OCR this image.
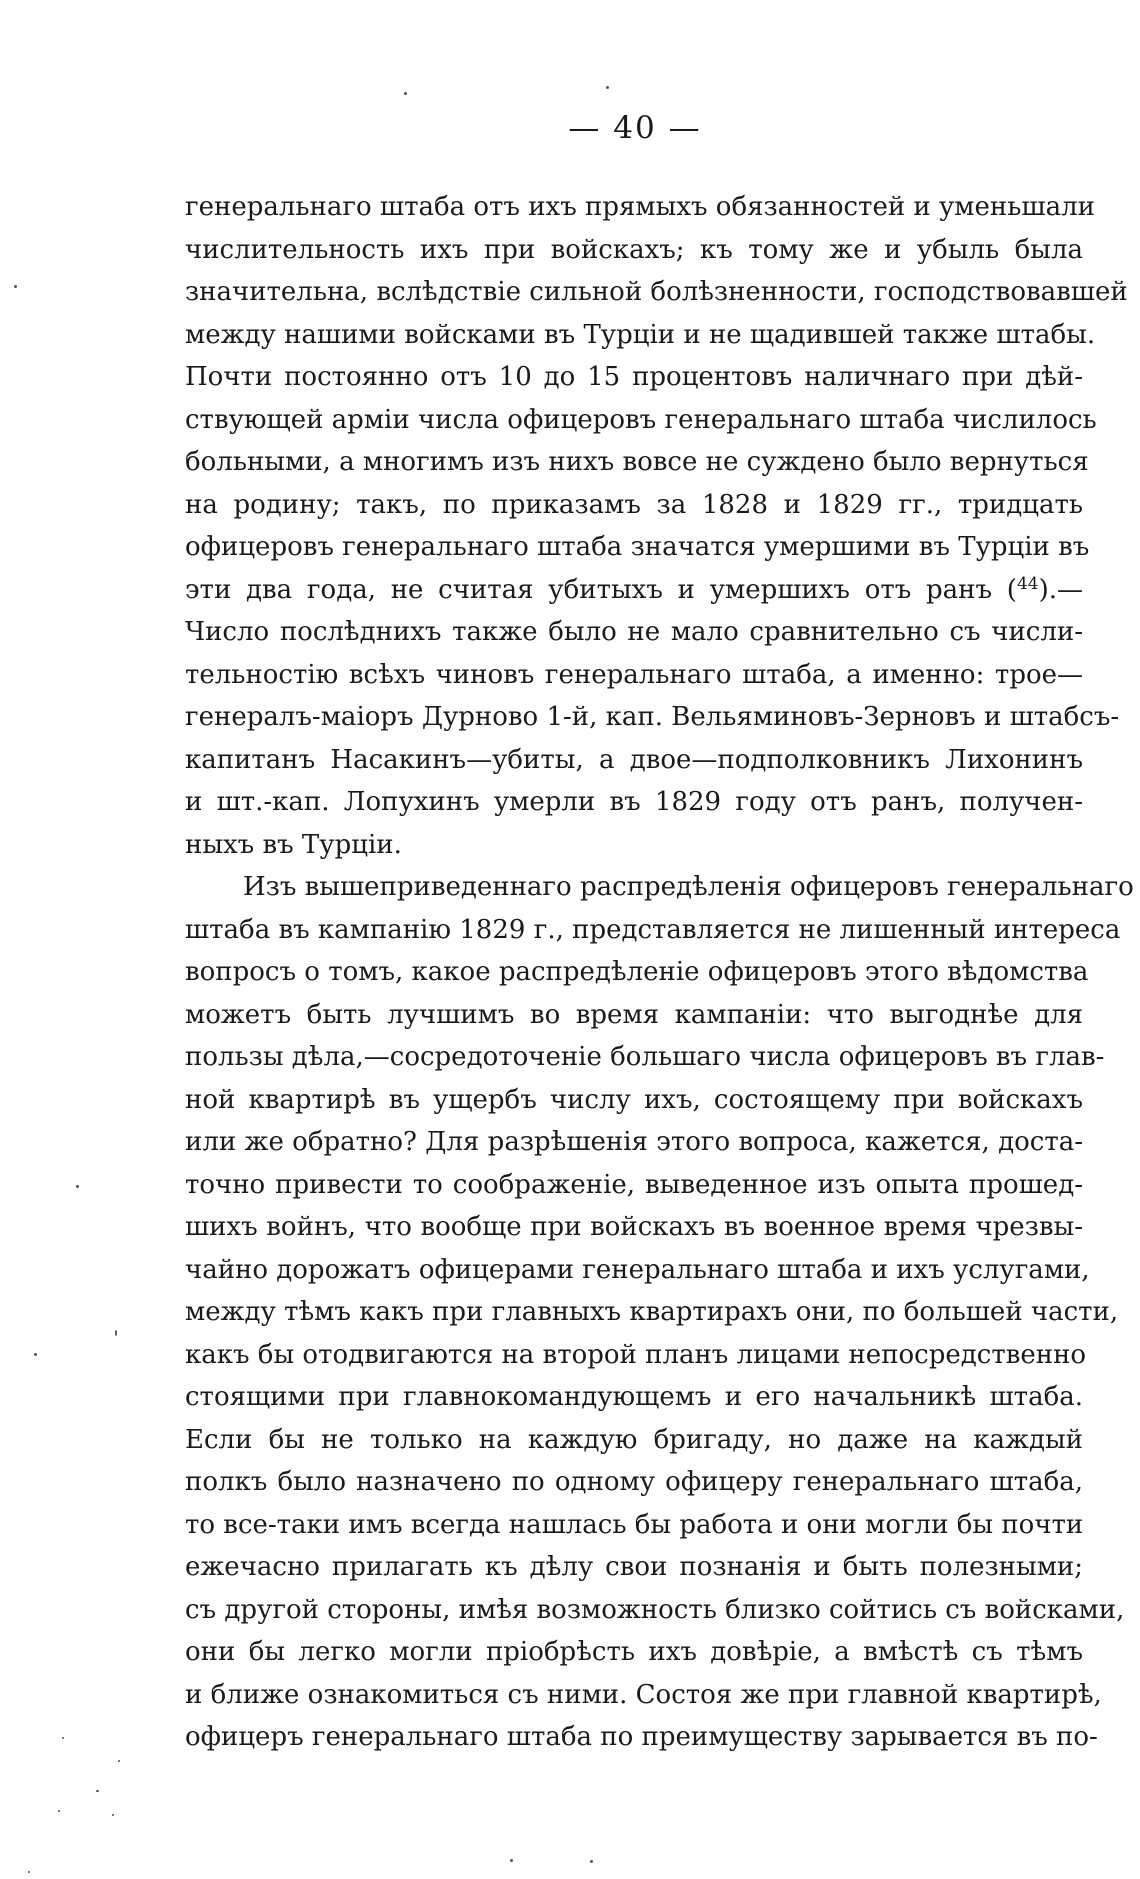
— 40 —
генеральнаго штаба отъ ихъ прямыхъ обязанностей и уменьшали
числительность ихъ при войскахъ; къ тому же и убыль была
значительна, вслѣдствіе сильной болѣзненности, господствовавшей
между нашими войсками въ Турціи и не щадившей также штабы.
Почти постоянно отъ 10 до 15 процентовъ наличнаго при дѣй-
ствующей арміи числа офицеровъ генеральнаго штаба числилось
больными, а многимъ изъ нихъ вовсе не суждено было вернуться
на родину; такъ, по приказамъ за 1828 и 1829 гг., тридцать
офицеровъ генеральнаго штаба значатся умершими въ Турціи въ
эти два года, не считая убитыхъ и умершихъ отъ ранъ ($^{44}$).—
Число послѣднихъ также было не мало сравнительно съ числи-
тельностію всѣхъ чиновъ генеральнаго штаба, а именно: трое—
генералъ-маіоръ Дурново 1-й, кап. Вельяминовъ-Зерновъ и штабсъ-
капитанъ Насакинъ—убиты, а двое—подполковникъ Лихонинъ
и шт.-кап. Лопухинъ умерли въ 1829 году отъ ранъ, получен-
ныхъ въ Турціи.
Изъ вышеприведеннаго распредѣленія офицеровъ генеральнаго
штаба въ кампанію 1829 г., представляется не лишенный интереса
вопросъ о томъ, какое распредѣленіе офицеровъ этого вѣдомства
можетъ быть лучшимъ во время кампаніи: что выгоднѣе для
пользы дѣла,—сосредоточеніе большаго числа офицеровъ въ глав-
ной квартирѣ въ ущербъ числу ихъ, состоящему при войскахъ
или же обратно? Для разрѣшенія этого вопроса, кажется, доста-
точно привести то соображеніе, выведенное изъ опыта прошед-
шихъ войнъ, что вообще при войскахъ въ военное время чрезвы-
чайно дорожатъ офицерами генеральнаго штаба и ихъ услугами,
между тѣмъ какъ при главныхъ квартирахъ они, по большей части,
какъ бы отодвигаются на второй планъ лицами непосредственно
стоящими при главнокомандующемъ и его начальникѣ штаба.
Если бы не только на каждую бригаду, но даже на каждый
полкъ было назначено по одному офицеру генеральнаго штаба,
то все-таки имъ всегда нашлась бы работа и они могли бы почти
ежечасно прилагать къ дѣлу свои познанія и быть полезными;
съ другой стороны, имѣя возможность близко сойтись съ войсками,
они бы легко могли пріобрѣсть ихъ довѣріе, а вмѣстѣ съ тѣмъ
и ближе ознакомиться съ ними. Состоя же при главной квартирѣ,
офицеръ генеральнаго штаба по преимуществу зарывается въ по-
